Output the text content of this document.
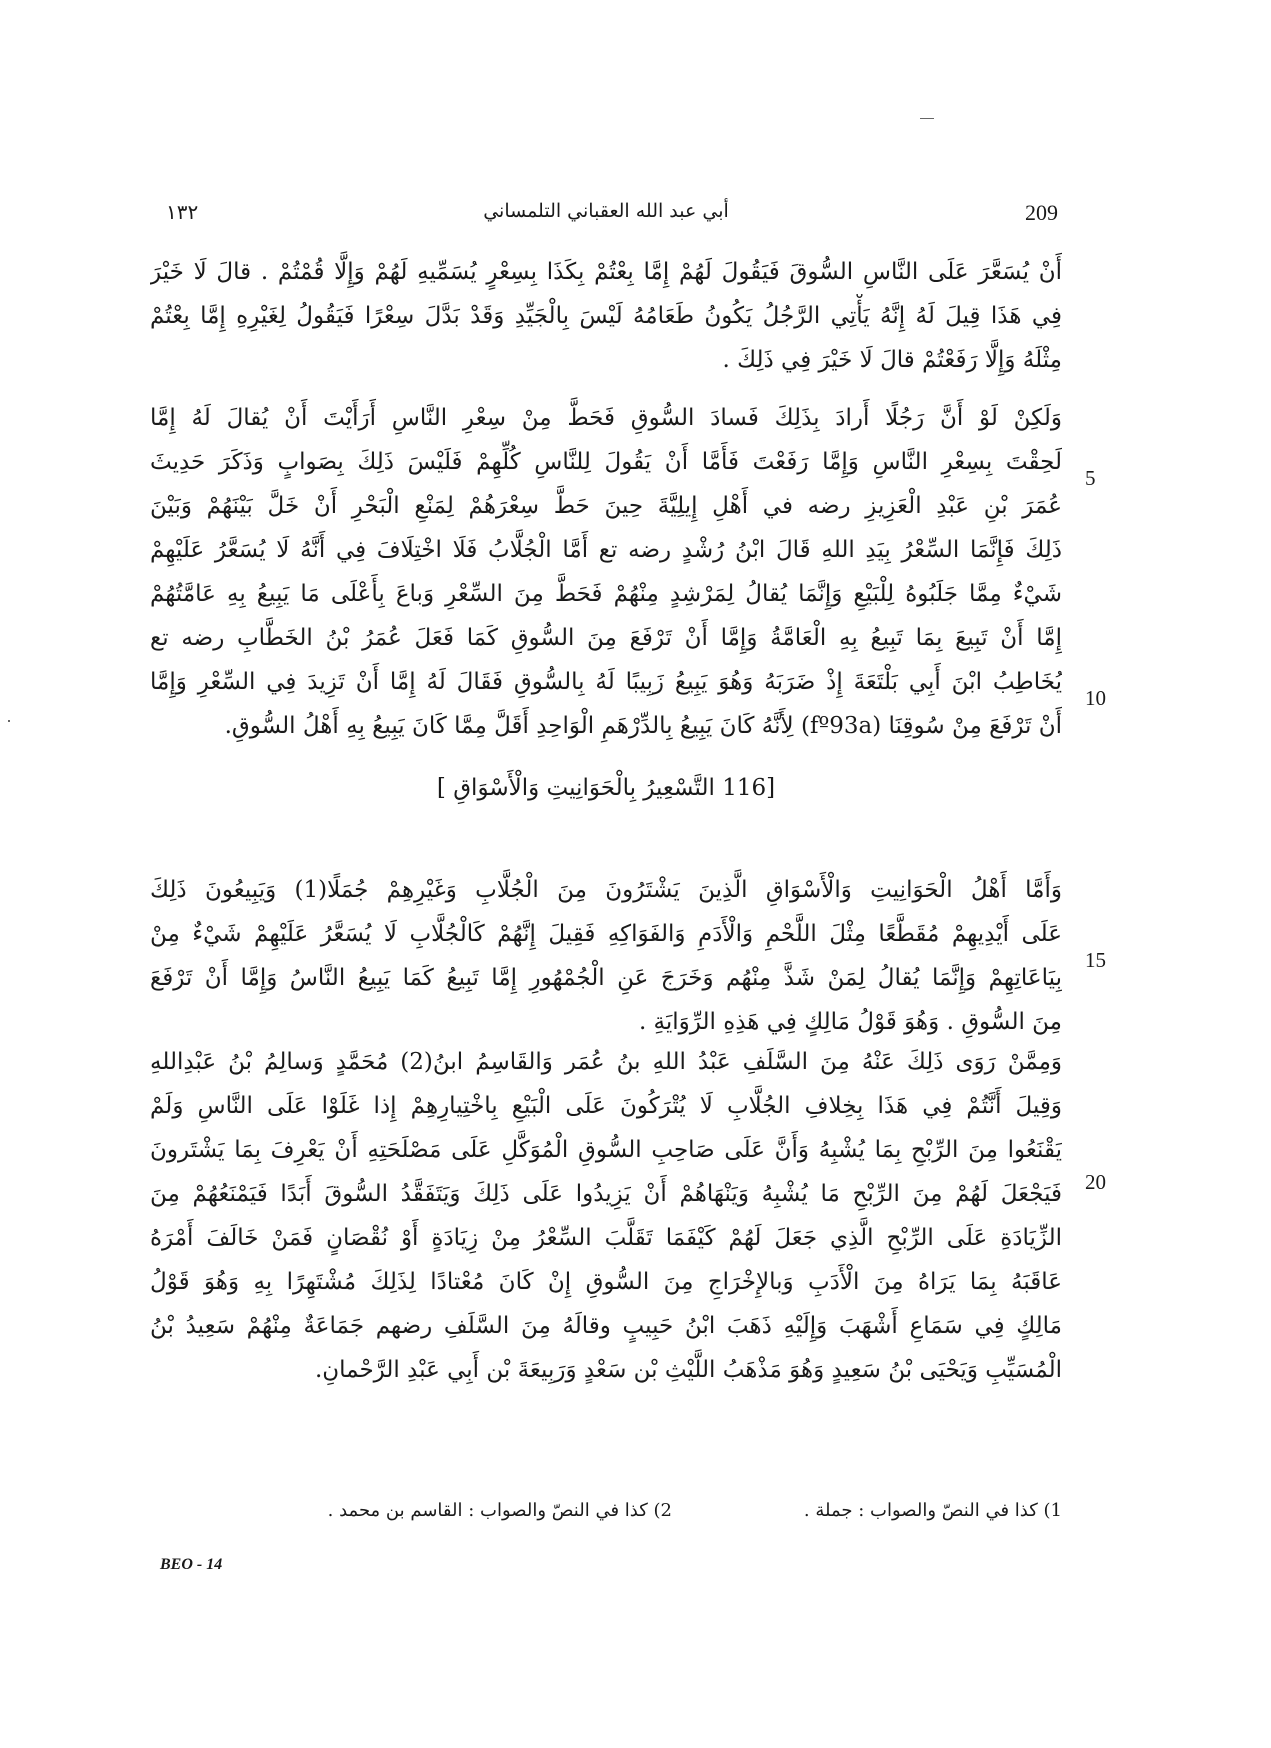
209
أبي عبد الله العقباني التلمساني
١٣٢
أَنْ يُسَعَّرَ عَلَى النَّاسِ السُّوقَ فَيَقُولَ لَهُمْ إِمَّا بِعْتُمْ بِكَذَا بِسِعْرٍ يُسَمِّيهِ لَهُمْ وَإِلَّا قُمْتُمْ . قالَ لَا خَيْرَ
فِي هَذَا قِيلَ لَهُ إِنَّهُ يَأْتِي الرَّجُلُ يَكُونُ طَعَامُهُ لَيْسَ بِالْجَيِّدِ وَقَدْ بَدَّلَ سِعْرًا فَيَقُولُ لِغَيْرِهِ إِمَّا بِعْتُمْ
مِثْلَهُ وَإِلَّا رَفَعْتُمْ قالَ لَا خَيْرَ فِي ذَلِكَ .
وَلَكِنْ لَوْ أَنَّ رَجُلًا أَرادَ بِذَلِكَ فَسادَ السُّوقِ فَحَطَّ مِنْ سِعْرِ النَّاسِ أَرَأَيْتَ أَنْ يُقالَ لَهُ إِمَّا
لَحِقْتَ بِسِعْرِ النَّاسِ وَإِمَّا رَفَعْتَ فَأَمَّا أَنْ يَقُولَ لِلنَّاسِ كُلِّهِمْ فَلَيْسَ ذَلِكَ بِصَوابٍ وَذَكَرَ حَدِيثَ
عُمَرَ بْنِ عَبْدِ الْعَزِيزِ رضه في أَهْلِ إِيلِيَّةَ حِينَ حَطَّ سِعْرَهُمْ لِمَنْعِ الْبَحْرِ أَنْ خَلَّ بَيْنَهُمْ وَبَيْنَ
ذَلِكَ فَإِنَّمَا السِّعْرُ بِيَدِ اللهِ قَالَ ابْنُ رُشْدٍ رضه تع أَمَّا الْجُلَّابُ فَلَا اخْتِلَافَ فِي أَنَّهُ لَا يُسَعَّرُ عَلَيْهِمْ
شَيْءٌ مِمَّا جَلَبُوهُ لِلْبَيْعِ وَإِنَّمَا يُقالُ لِمَرْشِدٍ مِنْهُمْ فَحَطَّ مِنَ السِّعْرِ وَباعَ بِأَعْلَى مَا يَبِيعُ بِهِ عَامَّتُهُمْ
إِمَّا أَنْ تَبِيعَ بِمَا تَبِيعُ بِهِ الْعَامَّةُ وَإِمَّا أَنْ تَرْفَعَ مِنَ السُّوقِ كَمَا فَعَلَ عُمَرُ بْنُ الخَطَّابِ رضه تع
يُخَاطِبُ ابْنَ أَبِي بَلْتَعَةَ إِذْ ضَرَبَهُ وَهُوَ يَبِيعُ زَبِيبًا لَهُ بِالسُّوقِ فَقَالَ لَهُ إِمَّا أَنْ تَزِيدَ فِي السِّعْرِ وَإِمَّا
أَنْ تَرْفَعَ مِنْ سُوقِنَا (fº93a) لِأَنَّهُ كَانَ يَبِيعُ بِالدِّرْهَمِ الْوَاحِدِ أَقَلَّ مِمَّا كَانَ يَبِيعُ بِهِ أَهْلُ السُّوقِ.
5
10
[116 التَّسْعِيرُ بِالْحَوَانِيتِ وَالْأَسْوَاقِ ]
وَأَمَّا أَهْلُ الْحَوَانِيتِ وَالْأَسْوَاقِ الَّذِينَ يَشْتَرُونَ مِنَ الْجُلَّابِ وَغَيْرِهِمْ جُمَلًا(1) وَيَبِيعُونَ ذَلِكَ
عَلَى أَيْدِيهِمْ مُقَطَّعًا مِثْلَ اللَّحْمِ وَالْأَدَمِ وَالفَوَاكِهِ فَقِيلَ إِنَّهُمْ كَالْجُلَّابِ لَا يُسَعَّرُ عَلَيْهِمْ شَيْءٌ مِنْ
بِيَاعَاتِهِمْ وَإِنَّمَا يُقالُ لِمَنْ شَذَّ مِنْهُم وَخَرَجَ عَنِ الْجُمْهُورِ إِمَّا تَبِيعُ كَمَا يَبِيعُ النَّاسُ وَإِمَّا أَنْ تَرْفَعَ
مِنَ السُّوقِ . وَهُوَ قَوْلُ مَالِكٍ فِي هَذِهِ الرِّوَايَةِ .
15
وَمِمَّنْ رَوَى ذَلِكَ عَنْهُ مِنَ السَّلَفِ عَبْدُ اللهِ بنُ عُمَر وَالقَاسِمُ ابنُ(2) مُحَمَّدٍ وَسالِمُ بْنُ عَبْدِاللهِ
وَقِيلَ أَنَّتُمْ فِي هَذَا بِخِلافِ الجُلَّابِ لَا يُتْرَكُونَ عَلَى الْبَيْعِ بِاخْتِيارِهِمْ إِذا غَلَوْا عَلَى النَّاسِ وَلَمْ
يَقْنَعُوا مِنَ الرِّبْحِ بِمَا يُشْبِهُ وَأَنَّ عَلَى صَاحِبِ السُّوقِ الْمُوَكَّلِ عَلَى مَصْلَحَتِهِ أَنْ يَعْرِفَ بِمَا يَشْتَرونَ
فَيَجْعَلَ لَهُمْ مِنَ الرِّبْحِ مَا يُشْبِهُ وَيَنْهَاهُمْ أَنْ يَزِيدُوا عَلَى ذَلِكَ وَيَتَفَقَّدُ السُّوقَ أَبَدًا فَيَمْنَعُهُمْ مِنَ
الزِّيَادَةِ عَلَى الرِّبْحِ الَّذِي جَعَلَ لَهُمْ كَيْفَمَا تَقَلَّبَ السِّعْرُ مِنْ زِيَادَةٍ أَوْ نُقْصَانٍ فَمَنْ خَالَفَ أَمْرَهُ
عَاقَبَهُ بِمَا يَرَاهُ مِنَ الْأَدَبِ وَبالإِخْرَاجِ مِنَ السُّوقِ إِنْ كَانَ مُعْتادًا لِذَلِكَ مُشْتَهِرًا بِهِ وَهُوَ قَوْلُ
مَالِكٍ فِي سَمَاعِ أَشْهَبَ وَإِلَيْهِ ذَهَبَ ابْنُ حَبِيبٍ وقالَهُ مِنَ السَّلَفِ رضهم جَمَاعَةٌ مِنْهُمْ سَعِيدُ بْنُ
الْمُسَيِّبِ وَيَحْيَى بْنُ سَعِيدٍ وَهُوَ مَذْهَبُ اللَّيْثِ بْن سَعْدٍ وَرَبِيعَةَ بْن أَبِي عَبْدِ الرَّحْمانِ.
20
1) كذا في النصّ والصواب : جملة .
2) كذا في النصّ والصواب : القاسم بن محمد .
BEO - 14
